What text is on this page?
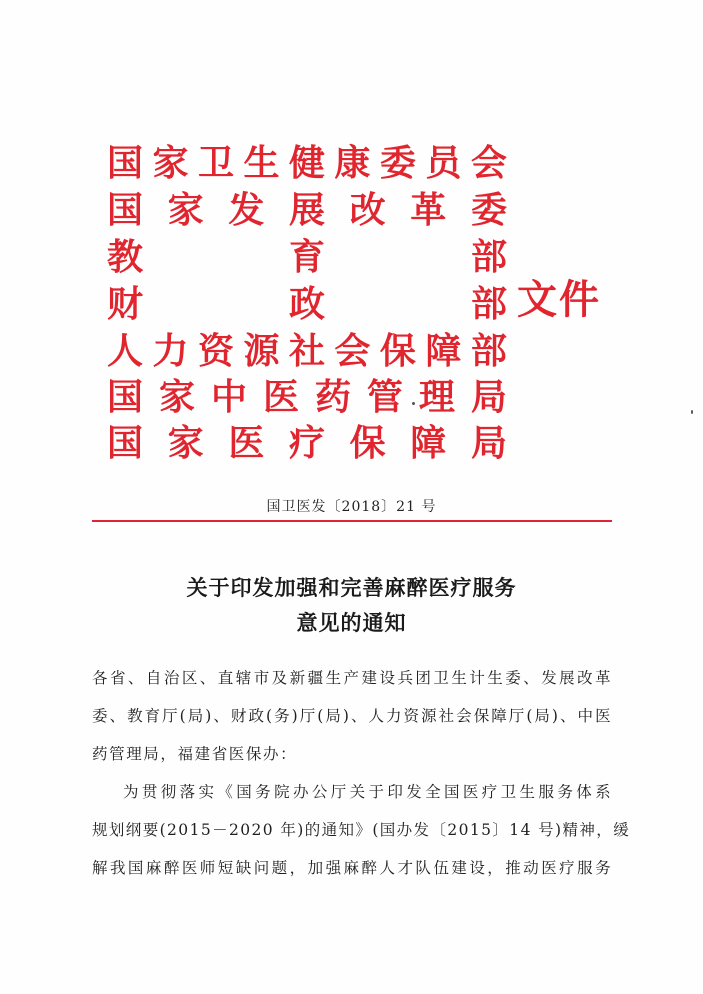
国 家 卫 生 健 康 委 员 会
国 家 发 展 改 革 委
教	育	部
财	政	部
人 力 资 源 社 会 保 障 部
国 家 中 医 药 管 理 局
国 家 医 疗 保 障 局
文件
国卫医发〔2018〕21 号
关于印发加强和完善麻醉医疗服务
意见的通知
各省、自治区、直辖市及新疆生产建设兵团卫生计生委、发展改革
委、教育厅(局)、财政(务)厅(局)、人力资源社会保障厅(局)、中医
药管理局，福建省医保办：
为贯彻落实《国务院办公厅关于印发全国医疗卫生服务体系
规划纲要(2015－2020 年)的通知》(国办发〔2015〕14 号)精神，缓
解我国麻醉医师短缺问题，加强麻醉人才队伍建设，推动医疗服务
